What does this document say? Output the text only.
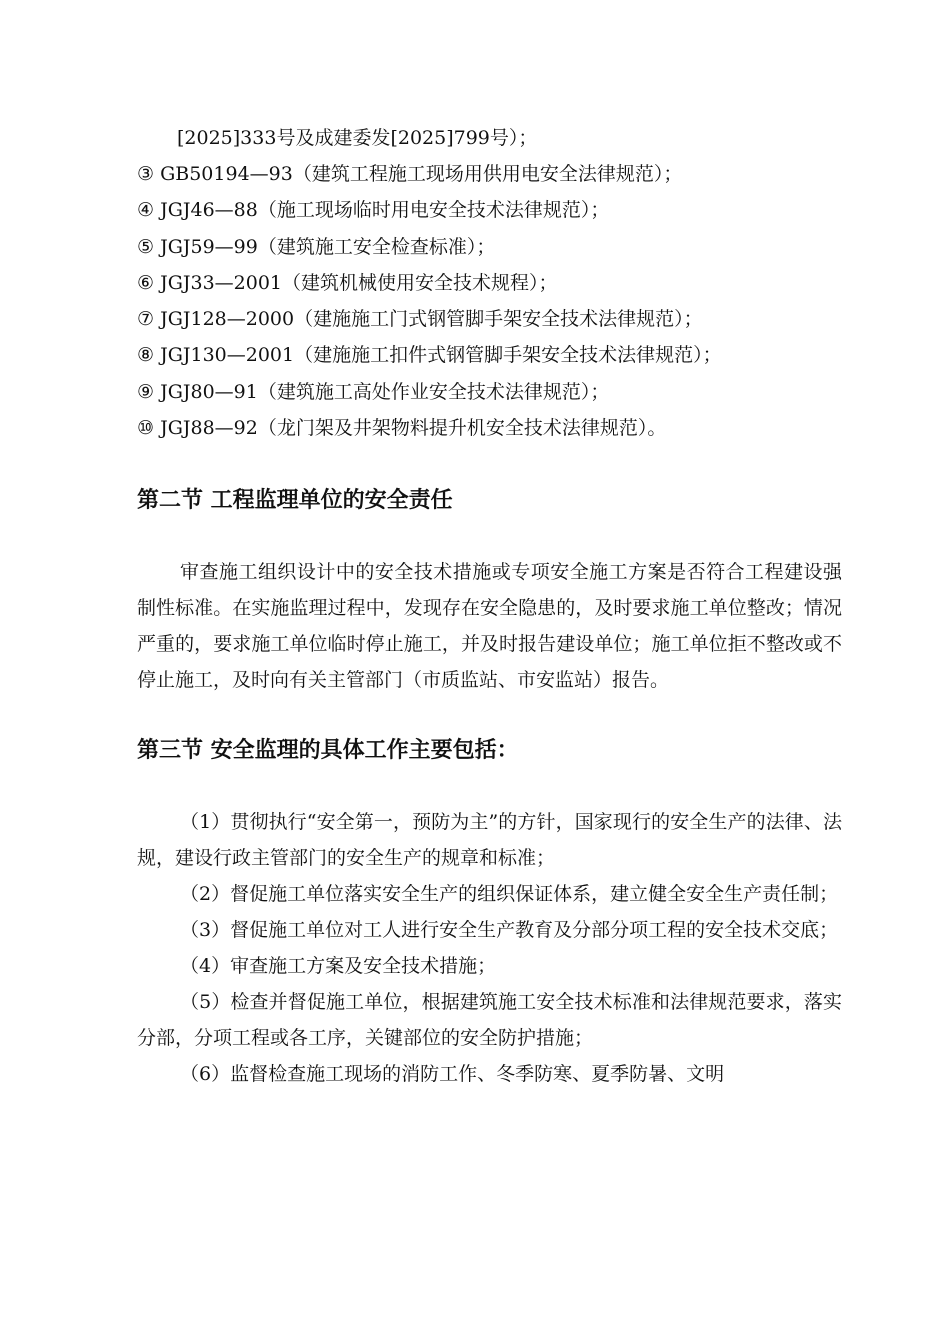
[2025]333号及成建委发[2025]799号）；
③ GB50194—93（建筑工程施工现场用供用电安全法律规范）；
④ JGJ46—88（施工现场临时用电安全技术法律规范）；
⑤ JGJ59—99（建筑施工安全检查标准）；
⑥ JGJ33—2001（建筑机械使用安全技术规程）；
⑦ JGJ128—2000（建施施工门式钢管脚手架安全技术法律规范）；
⑧ JGJ130—2001（建施施工扣件式钢管脚手架安全技术法律规范）；
⑨ JGJ80—91（建筑施工高处作业安全技术法律规范）；
⑩ JGJ88—92（龙门架及井架物料提升机安全技术法律规范）。
第二节 工程监理单位的安全责任
审查施工组织设计中的安全技术措施或专项安全施工方案是否符合工程建设强制性标准。在实施监理过程中，发现存在安全隐患的，及时要求施工单位整改；情况严重的，要求施工单位临时停止施工，并及时报告建设单位；施工单位拒不整改或不停止施工，及时向有关主管部门（市质监站、市安监站）报告。
第三节 安全监理的具体工作主要包括：
（1）贯彻执行“安全第一，预防为主”的方针，国家现行的安全生产的法律、法规，建设行政主管部门的安全生产的规章和标准；
（2）督促施工单位落实安全生产的组织保证体系，建立健全安全生产责任制；
（3）督促施工单位对工人进行安全生产教育及分部分项工程的安全技术交底；
（4）审查施工方案及安全技术措施；
（5）检查并督促施工单位，根据建筑施工安全技术标准和法律规范要求，落实分部，分项工程或各工序，关键部位的安全防护措施；
（6）监督检查施工现场的消防工作、冬季防寒、夏季防暑、文明
